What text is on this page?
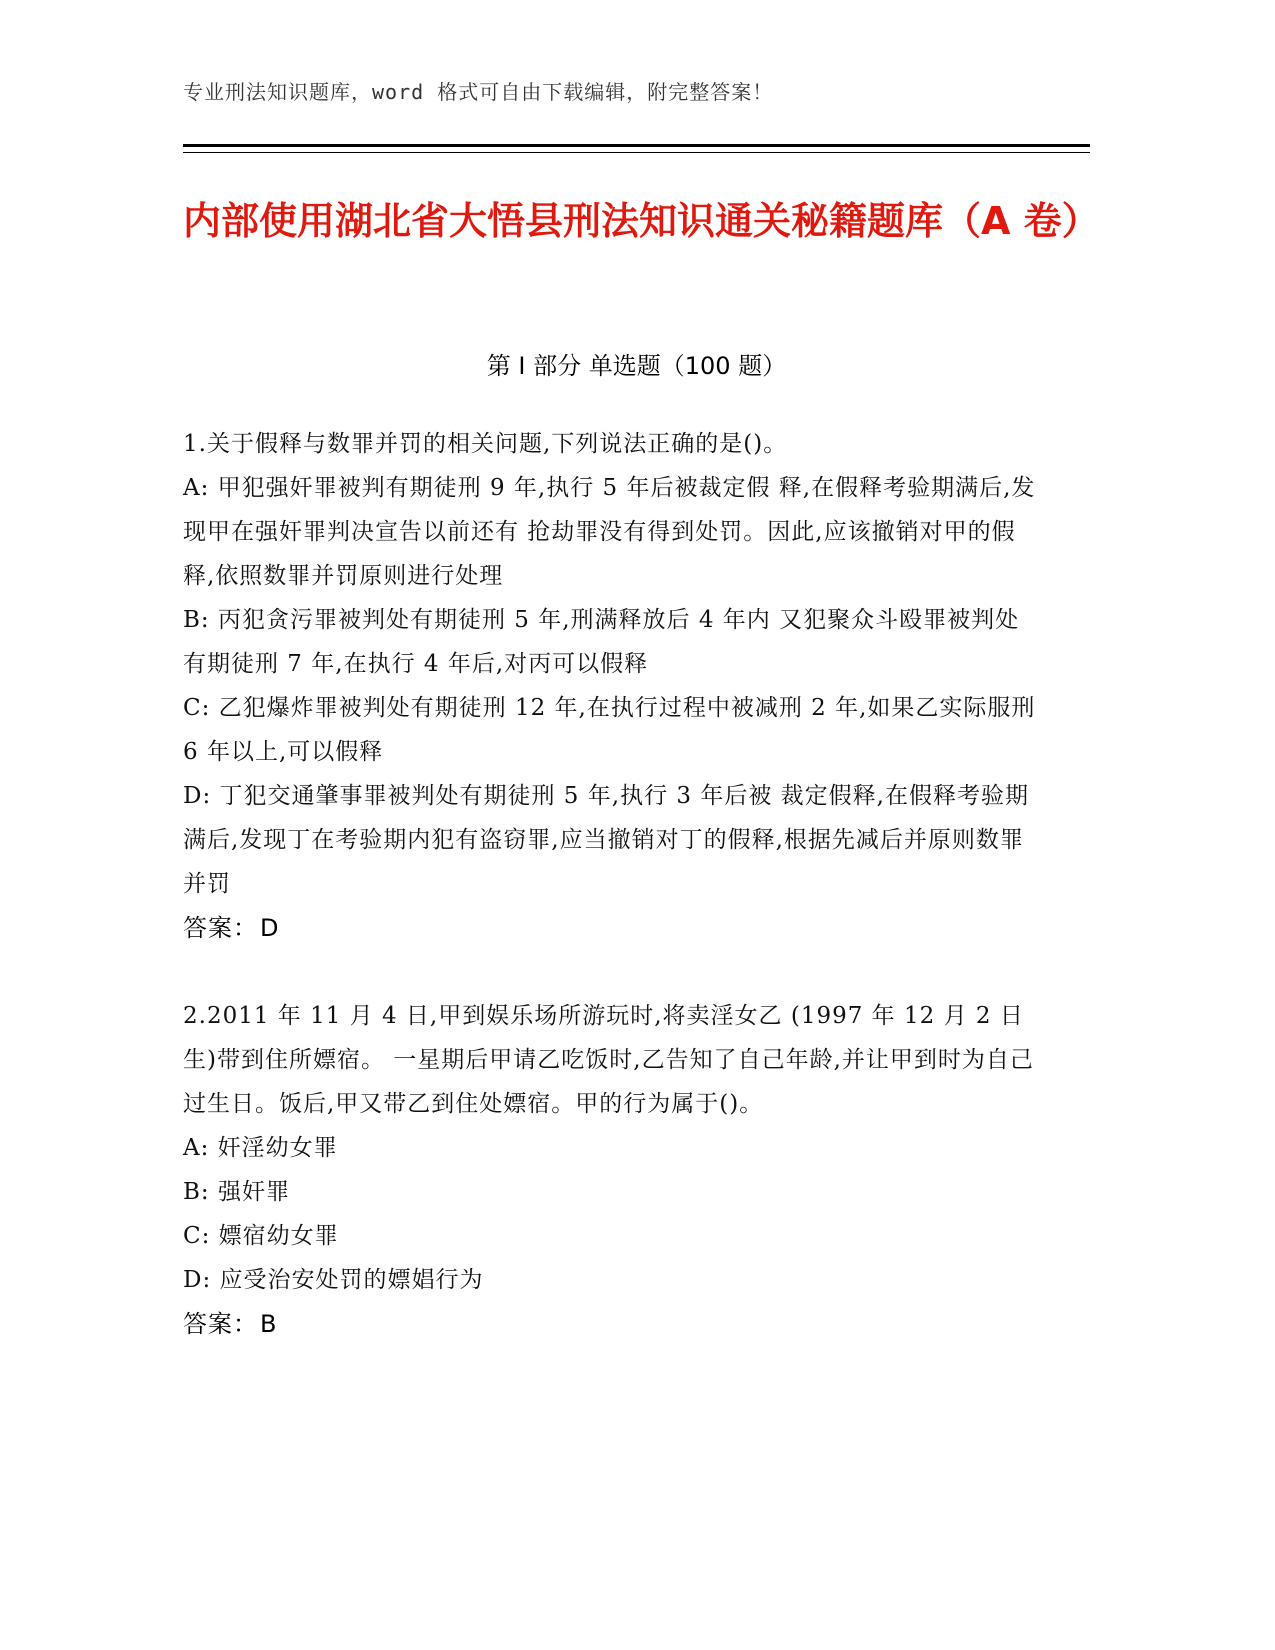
专业刑法知识题库，word 格式可自由下载编辑，附完整答案！
内部使用湖北省大悟县刑法知识通关秘籍题库（A 卷）
第 I 部分 单选题（100 题）

1.关于假释与数罪并罚的相关问题,下列说法正确的是()。

A: 甲犯强奸罪被判有期徒刑 9 年,执行 5 年后被裁定假 释,在假释考验期满后,发现甲在强奸罪判决宣告以前还有 抢劫罪没有得到处罚。因此,应该撤销对甲的假释,依照数罪并罚原则进行处理

B: 丙犯贪污罪被判处有期徒刑 5 年,刑满释放后 4 年内 又犯聚众斗殴罪被判处有期徒刑 7 年,在执行 4 年后,对丙可以假释

C: 乙犯爆炸罪被判处有期徒刑 12 年,在执行过程中被减刑 2 年,如果乙实际服刑 6 年以上,可以假释

D: 丁犯交通肇事罪被判处有期徒刑 5 年,执行 3 年后被 裁定假释,在假释考验期满后,发现丁在考验期内犯有盗窃罪,应当撤销对丁的假释,根据先减后并原则数罪并罚

答案：D

2.2011 年 11 月 4 日,甲到娱乐场所游玩时,将卖淫女乙 (1997 年 12 月 2 日生)带到住所嫖宿。 一星期后甲请乙吃饭时,乙告知了自己年龄,并让甲到时为自己过生日。饭后,甲又带乙到住处嫖宿。甲的行为属于()。

A: 奸淫幼女罪

B: 强奸罪

C: 嫖宿幼女罪

D: 应受治安处罚的嫖娼行为

答案：B
